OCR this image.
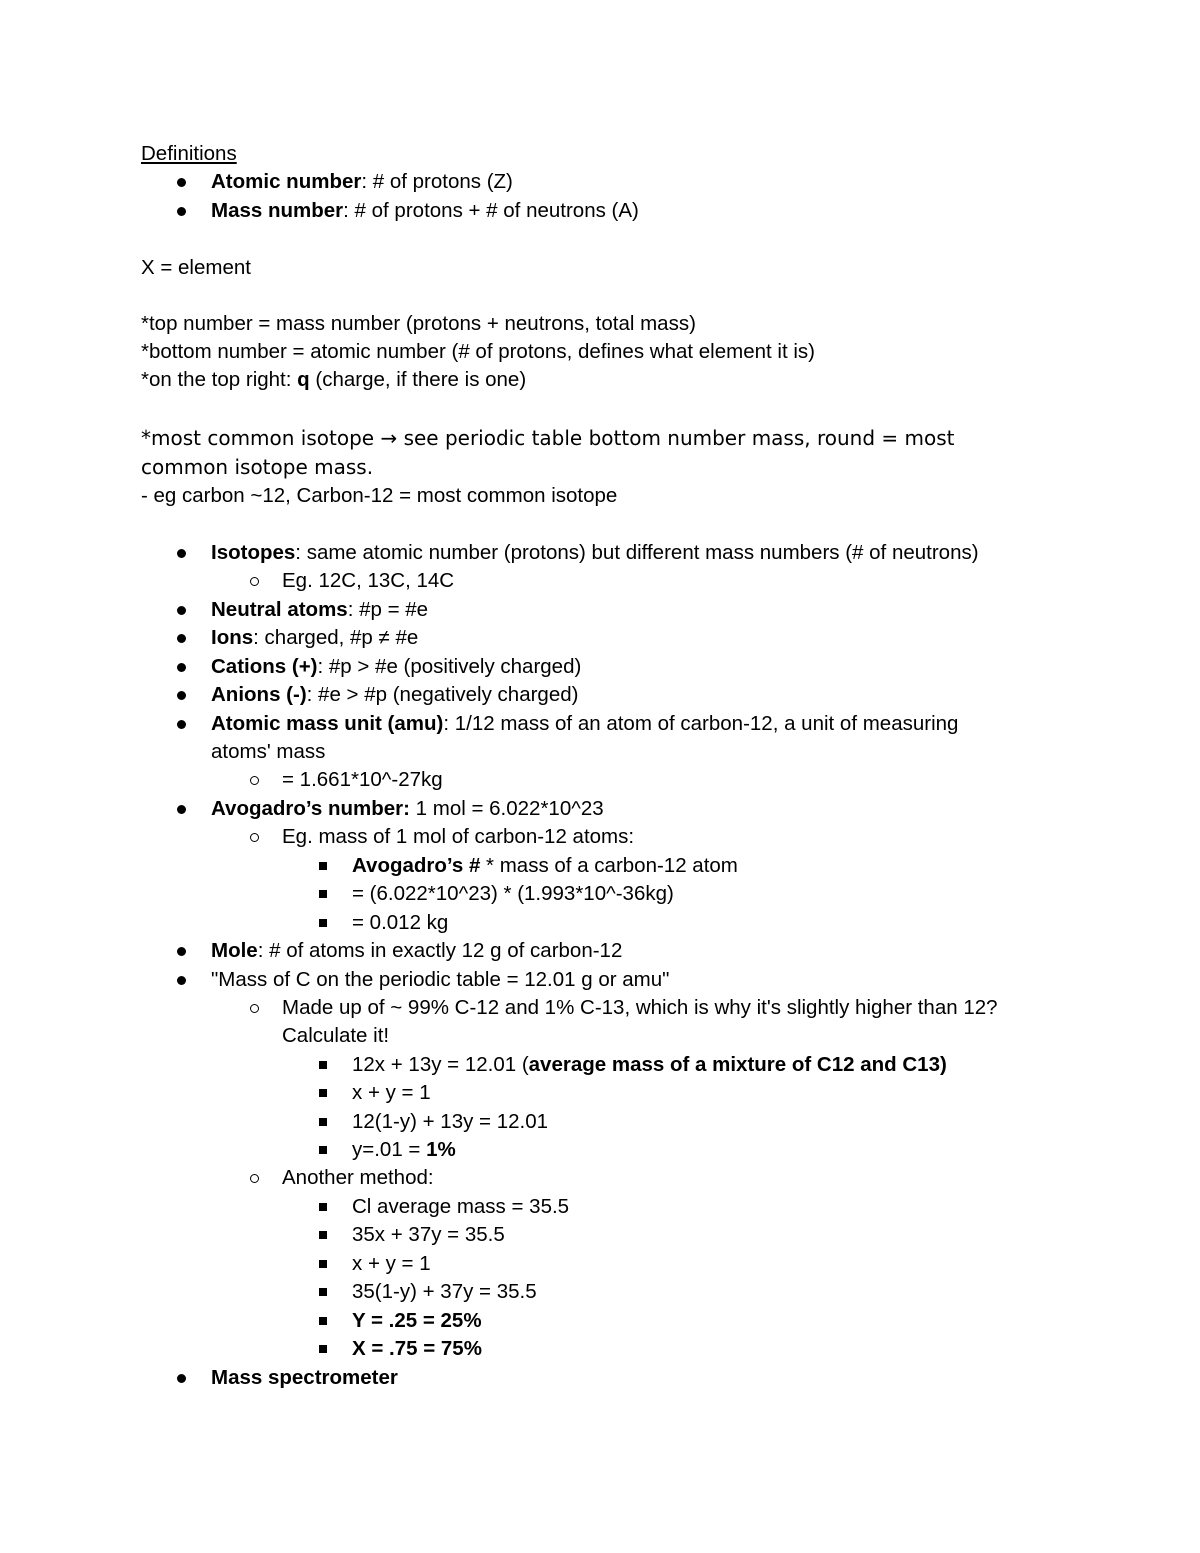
Definitions
Atomic number: # of protons (Z)
Mass number: # of protons + # of neutrons (A)
X = element
*top number = mass number (protons + neutrons, total mass)
*bottom number = atomic number (# of protons, defines what element it is)
*on the top right: q (charge, if there is one)
*most common isotope → see periodic table bottom number mass, round = most
common isotope mass.
- eg carbon ~12, Carbon-12 = most common isotope
Isotopes: same atomic number (protons) but different mass numbers (# of neutrons)
Eg. 12C, 13C, 14C
Neutral atoms: #p = #e
Ions: charged, #p ≠ #e
Cations (+): #p > #e (positively charged)
Anions (-): #e > #p (negatively charged)
Atomic mass unit (amu): 1/12 mass of an atom of carbon-12, a unit of measuring
atoms' mass
= 1.661*10^-27kg
Avogadro’s number: 1 mol = 6.022*10^23
Eg. mass of 1 mol of carbon-12 atoms:
Avogadro’s # * mass of a carbon-12 atom
= (6.022*10^23) * (1.993*10^-36kg)
= 0.012 kg
Mole: # of atoms in exactly 12 g of carbon-12
"Mass of C on the periodic table = 12.01 g or amu"
Made up of ~ 99% C-12 and 1% C-13, which is why it's slightly higher than 12?
Calculate it!
12x + 13y = 12.01 (average mass of a mixture of C12 and C13)
x + y = 1
12(1-y) + 13y = 12.01
y=.01 = 1%
Another method:
Cl average mass = 35.5
35x + 37y = 35.5
x + y = 1
35(1-y) + 37y = 35.5
Y = .25 = 25%
X = .75 = 75%
Mass spectrometer
